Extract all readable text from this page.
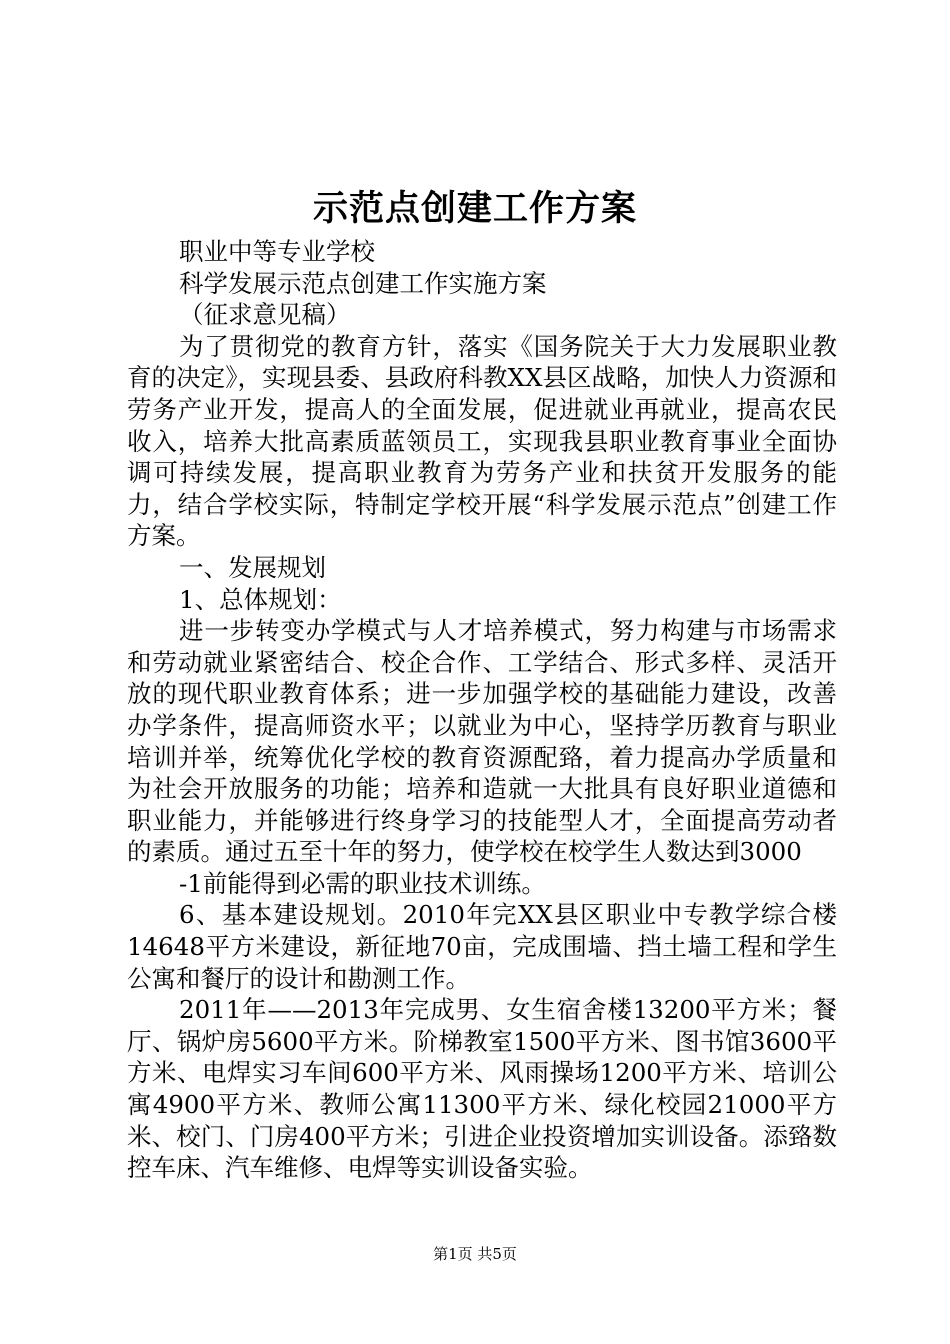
示范点创建工作方案

职业中等专业学校

科学发展示范点创建工作实施方案

（征求意见稿）

为了贯彻党的教育方针，落实《国务院关于大力发展职业教育的决定》，实现县委、县政府科教XX县区战略，加快人力资源和劳务产业开发，提高人的全面发展，促进就业再就业，提高农民收入，培养大批高素质蓝领员工，实现我县职业教育事业全面协调可持续发展，提高职业教育为劳务产业和扶贫开发服务的能力，结合学校实际，特制定学校开展“科学发展示范点”创建工作方案。

一、发展规划

1、总体规划：

进一步转变办学模式与人才培养模式，努力构建与市场需求和劳动就业紧密结合、校企合作、工学结合、形式多样、灵活开放的现代职业教育体系；进一步加强学校的基础能力建设，改善办学条件，提高师资水平；以就业为中心，坚持学历教育与职业培训并举，统筹优化学校的教育资源配臵，着力提高办学质量和为社会开放服务的功能；培养和造就一大批具有良好职业道德和职业能力，并能够进行终身学习的技能型人才，全面提高劳动者的素质。通过五至十年的努力，使学校在校学生人数达到3000

-1前能得到必需的职业技术训练。

6、基本建设规划。2010年完XX县区职业中专教学综合楼14648平方米建设，新征地70亩，完成围墙、挡土墙工程和学生公寓和餐厅的设计和勘测工作。

2011年——2013年完成男、女生宿舍楼13200平方米；餐厅、锅炉房5600平方米。阶梯教室1500平方米、图书馆3600平方米、电焊实习车间600平方米、风雨操场1200平方米、培训公寓4900平方米、教师公寓11300平方米、绿化校园21000平方米、校门、门房400平方米；引进企业投资增加实训设备。添臵数控车床、汽车维修、电焊等实训设备实验。

第1页 共5页
